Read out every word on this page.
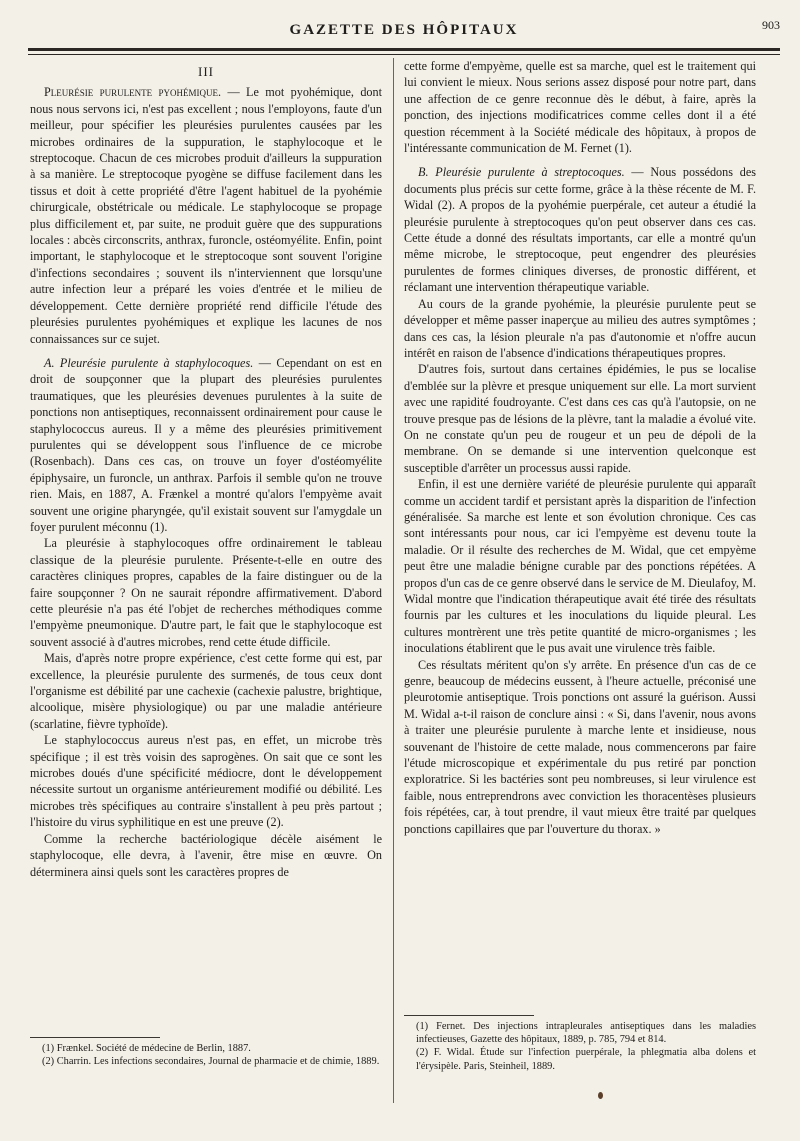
GAZETTE DES HÔPITAUX	903
III

Pleurésie purulente pyohémique. — Le mot pyohémique, dont nous nous servons ici, n'est pas excellent ; nous l'employons, faute d'un meilleur, pour spécifier les pleurésies purulentes causées par les microbes ordinaires de la suppuration, le staphylocoque et le streptocoque. Chacun de ces microbes produit d'ailleurs la suppuration à sa manière. Le streptocoque pyogène se diffuse facilement dans les tissus et doit à cette propriété d'être l'agent habituel de la pyohémie chirurgicale, obstétricale ou médicale. Le staphylocoque se propage plus difficilement et, par suite, ne produit guère que des suppurations locales : abcès circonscrits, anthrax, furoncle, ostéomyélite. Enfin, point important, le staphylocoque et le streptocoque sont souvent l'origine d'infections secondaires ; souvent ils n'interviennent que lorsqu'une autre infection leur a préparé les voies d'entrée et le milieu de développement. Cette dernière propriété rend difficile l'étude des pleurésies purulentes pyohémiques et explique les lacunes de nos connaissances sur ce sujet.

A. Pleurésie purulente à staphylocoques. — Cependant on est en droit de soupçonner que la plupart des pleurésies purulentes traumatiques, que les pleurésies devenues purulentes à la suite de ponctions non antiseptiques, reconnaissent ordinairement pour cause le staphylococcus aureus. Il y a même des pleurésies primitivement purulentes qui se développent sous l'influence de ce microbe (Rosenbach). Dans ces cas, on trouve un foyer d'ostéomyélite épiphysaire, un furoncle, un anthrax. Parfois il semble qu'on ne trouve rien. Mais, en 1887, A. Frænkel a montré qu'alors l'empyème avait souvent une origine pharyngée, qu'il existait souvent sur l'amygdale un foyer purulent méconnu (1).

La pleurésie à staphylocoques offre ordinairement le tableau classique de la pleurésie purulente. Présente-t-elle en outre des caractères cliniques propres, capables de la faire distinguer ou de la faire soupçonner ? On ne saurait répondre affirmativement. D'abord cette pleurésie n'a pas été l'objet de recherches méthodiques comme l'empyème pneumonique. D'autre part, le fait que le staphylocoque est souvent associé à d'autres microbes, rend cette étude difficile.

Mais, d'après notre propre expérience, c'est cette forme qui est, par excellence, la pleurésie purulente des surmenés, de tous ceux dont l'organisme est débilité par une cachexie (cachexie palustre, brightique, alcoolique, misère physiologique) ou par une maladie antérieure (scarlatine, fièvre typhoïde).

Le staphylococcus aureus n'est pas, en effet, un microbe très spécifique ; il est très voisin des saprogènes. On sait que ce sont les microbes doués d'une spécificité médiocre, dont le développement nécessite surtout un organisme antérieurement modifié ou débilité. Les microbes très spécifiques au contraire s'installent à peu près partout ; l'histoire du virus syphilitique en est une preuve (2).

Comme la recherche bactériologique décèle aisément le staphylocoque, elle devra, à l'avenir, être mise en œuvre. On déterminera ainsi quels sont les caractères propres de

cette forme d'empyème, quelle est sa marche, quel est le traitement qui lui convient le mieux. Nous serions assez disposé pour notre part, dans une affection de ce genre reconnue dès le début, à faire, après la ponction, des injections modificatrices comme celles dont il a été question récemment à la Société médicale des hôpitaux, à propos de l'intéressante communication de M. Fernet (1).

B. Pleurésie purulente à streptocoques. — Nous possédons des documents plus précis sur cette forme, grâce à la thèse récente de M. F. Widal (2). A propos de la pyohémie puerpérale, cet auteur a étudié la pleurésie purulente à streptocoques qu'on peut observer dans ces cas. Cette étude a donné des résultats importants, car elle a montré qu'un même microbe, le streptocoque, peut engendrer des pleurésies purulentes de formes cliniques diverses, de pronostic différent, et réclamant une intervention thérapeutique variable.

Au cours de la grande pyohémie, la pleurésie purulente peut se développer et même passer inaperçue au milieu des autres symptômes ; dans ces cas, la lésion pleurale n'a pas d'autonomie et n'offre aucun intérêt en raison de l'absence d'indications thérapeutiques propres.

D'autres fois, surtout dans certaines épidémies, le pus se localise d'emblée sur la plèvre et presque uniquement sur elle. La mort survient avec une rapidité foudroyante. C'est dans ces cas qu'à l'autopsie, on ne trouve presque pas de lésions de la plèvre, tant la maladie a évolué vite. On ne constate qu'un peu de rougeur et un peu de dépoli de la membrane. On se demande si une intervention quelconque est susceptible d'arrêter un processus aussi rapide.

Enfin, il est une dernière variété de pleurésie purulente qui apparaît comme un accident tardif et persistant après la disparition de l'infection généralisée. Sa marche est lente et son évolution chronique. Ces cas sont intéressants pour nous, car ici l'empyème est devenu toute la maladie. Or il résulte des recherches de M. Widal, que cet empyème peut être une maladie bénigne curable par des ponctions répétées. A propos d'un cas de ce genre observé dans le service de M. Dieulafoy, M. Widal montre que l'indication thérapeutique avait été tirée des résultats fournis par les cultures et les inoculations du liquide pleural. Les cultures montrèrent une très petite quantité de micro-organismes ; les inoculations établirent que le pus avait une virulence très faible.

Ces résultats méritent qu'on s'y arrête. En présence d'un cas de ce genre, beaucoup de médecins eussent, à l'heure actuelle, préconisé une pleurotomie antiseptique. Trois ponctions ont assuré la guérison. Aussi M. Widal a-t-il raison de conclure ainsi : « Si, dans l'avenir, nous avons à traiter une pleurésie purulente à marche lente et insidieuse, nous souvenant de l'histoire de cette malade, nous commencerons par faire l'étude microscopique et expérimentale du pus retiré par ponction exploratrice. Si les bactéries sont peu nombreuses, si leur virulence est faible, nous entreprendrons avec conviction les thoracentèses plusieurs fois répétées, car, à tout prendre, il vaut mieux être traité par quelques ponctions capillaires que par l'ouverture du thorax. »

(1) Frænkel. Société de médecine de Berlin, 1887.

(2) Charrin. Les infections secondaires, Journal de pharmacie et de chimie, 1889.

(1) Fernet. Des injections intrapleurales antiseptiques dans les maladies infectieuses, Gazette des hôpitaux, 1889, p. 785, 794 et 814.

(2) F. Widal. Étude sur l'infection puerpérale, la phlegmatia alba dolens et l'érysipèle. Paris, Steinheil, 1889.
